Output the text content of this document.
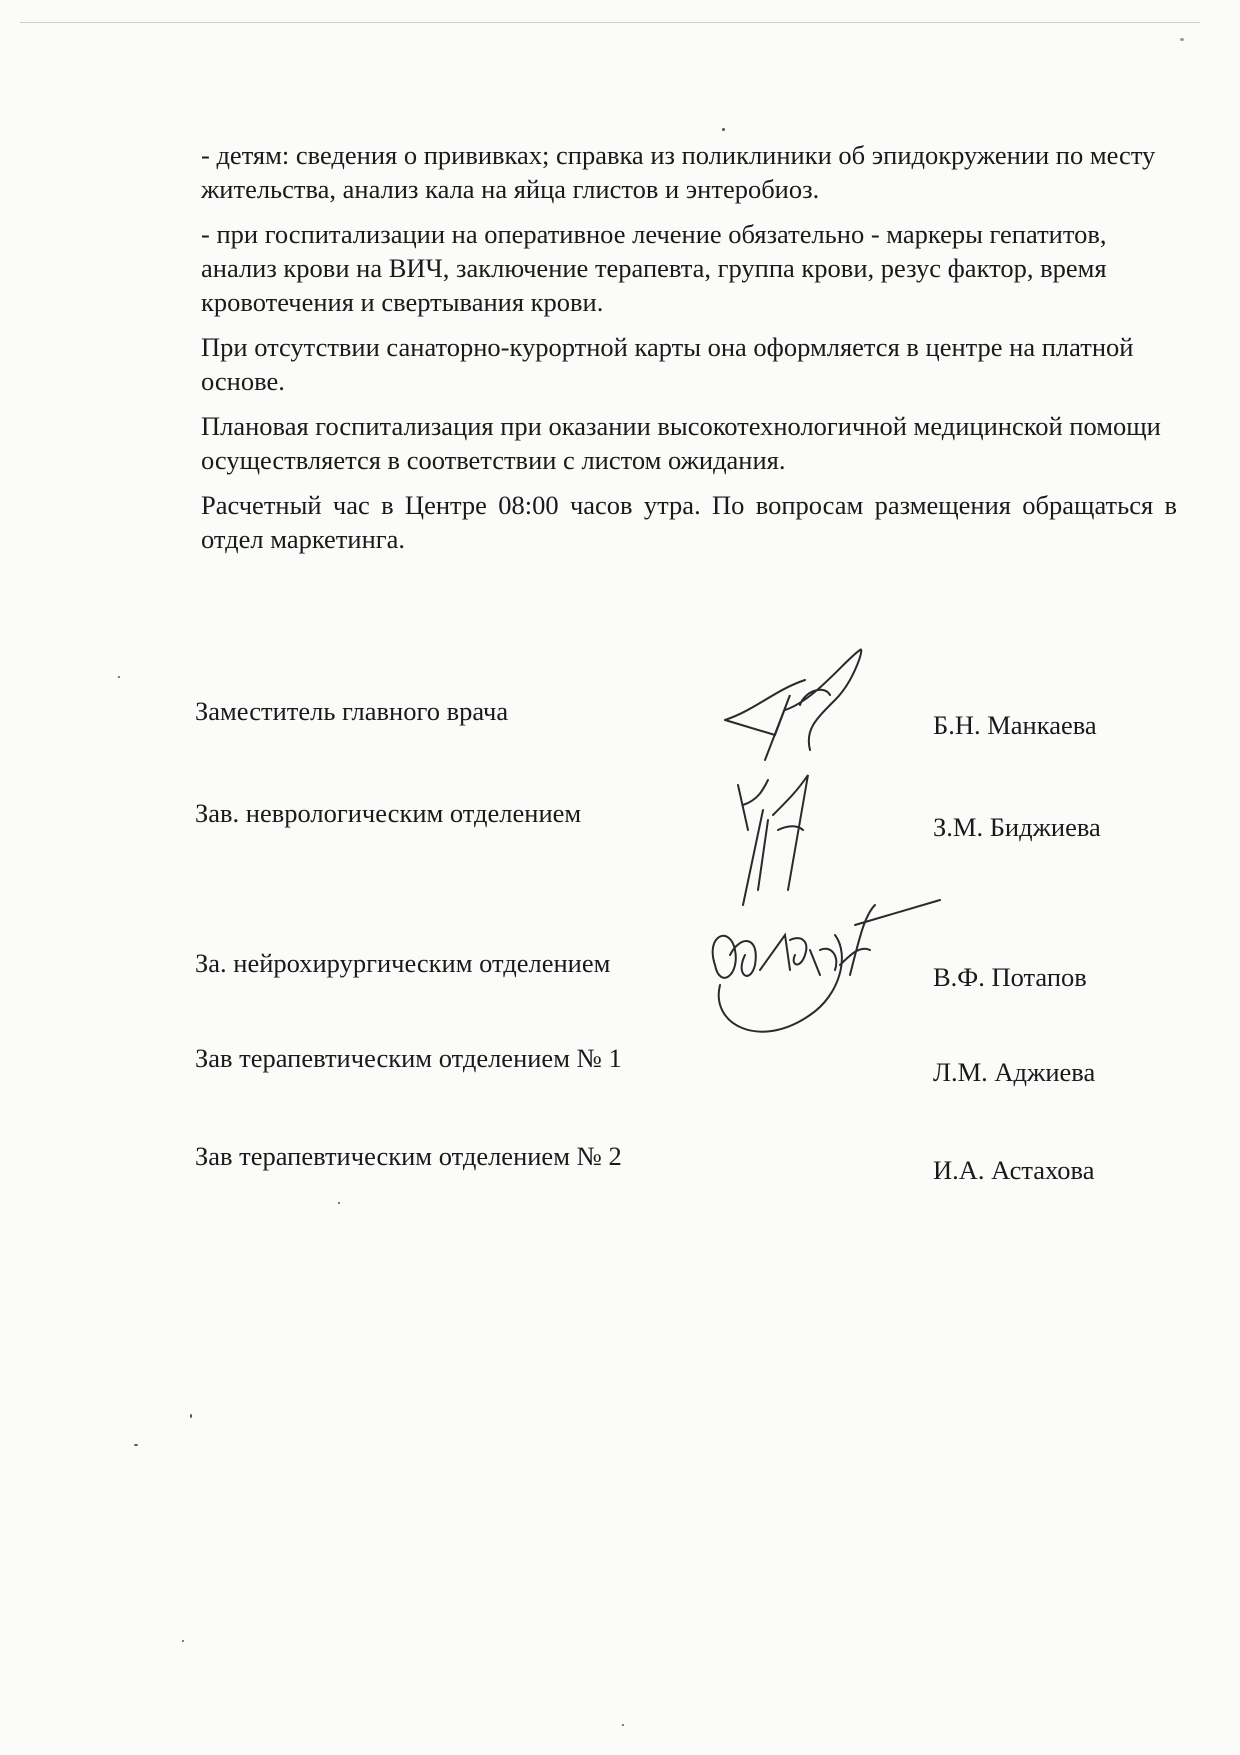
- детям: сведения о прививках; справка из поликлиники об эпидокружении по месту жительства, анализ кала на яйца глистов и энтеробиоз.

- при госпитализации на оперативное лечение обязательно - маркеры гепатитов, анализ крови на ВИЧ, заключение терапевта, группа крови, резус фактор, время кровотечения и свертывания крови.

При отсутствии санаторно-курортной карты она оформляется в центре на платной основе.

Плановая госпитализация при оказании высокотехнологичной медицинской помощи осуществляется в соответствии с листом ожидания.

Расчетный час в Центре 08:00 часов утра. По вопросам размещения обращаться в отдел маркетинга.

Заместитель главного врача	Б.Н. Манкаева
Зав. неврологическим отделением	З.М. Биджиева
За. нейрохирургическим отделением	В.Ф. Потапов
Зав терапевтическим отделением № 1	Л.М. Аджиева
Зав терапевтическим отделением № 2	И.А. Астахова
